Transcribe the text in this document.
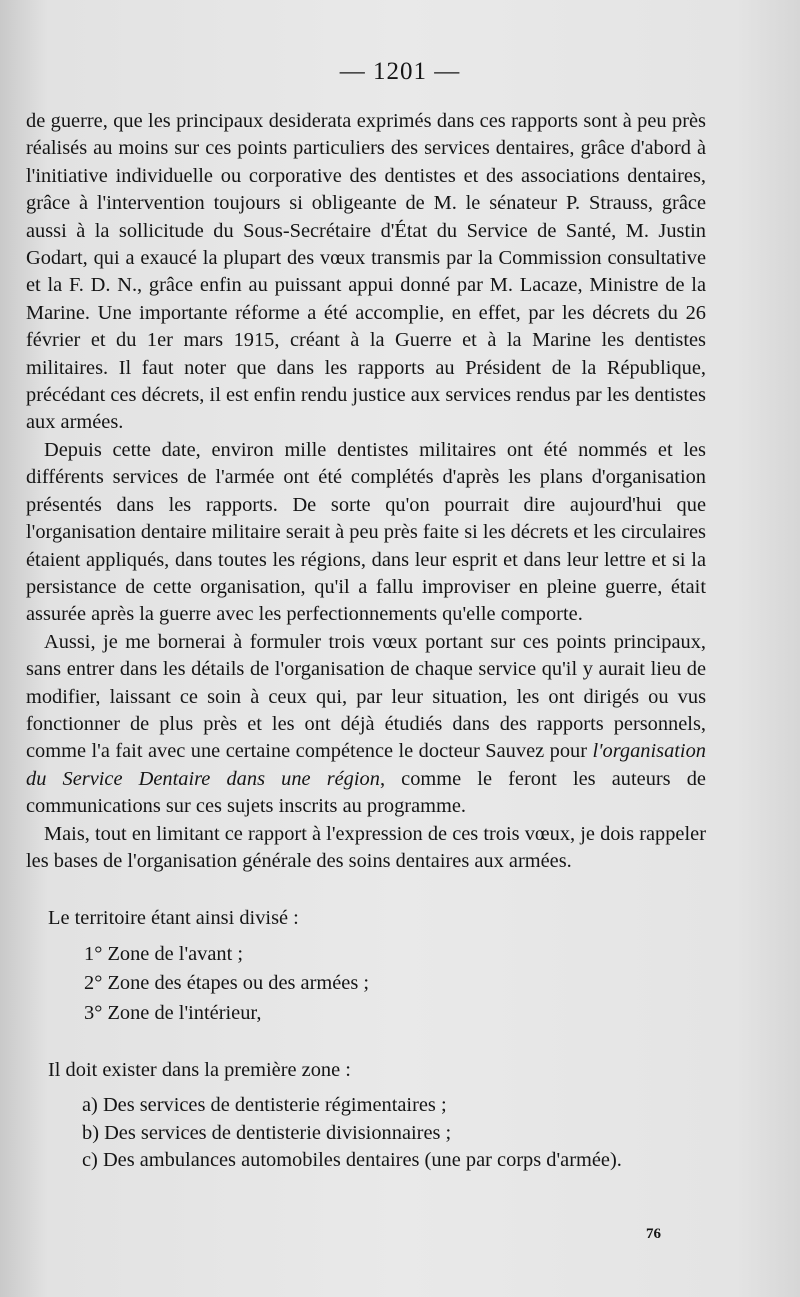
— 1201 —

de guerre, que les principaux desiderata exprimés dans ces rapports sont à peu près réalisés au moins sur ces points particuliers des services dentaires, grâce d'abord à l'initiative individuelle ou corporative des dentistes et des associations dentaires, grâce à l'intervention toujours si obligeante de M. le sénateur P. Strauss, grâce aussi à la sollicitude du Sous-Secrétaire d'État du Service de Santé, M. Justin Godart, qui a exaucé la plupart des vœux transmis par la Commission consultative et la F. D. N., grâce enfin au puissant appui donné par M. Lacaze, Ministre de la Marine. Une importante réforme a été accomplie, en effet, par les décrets du 26 février et du 1er mars 1915, créant à la Guerre et à la Marine les dentistes militaires. Il faut noter que dans les rapports au Président de la République, précédant ces décrets, il est enfin rendu justice aux services rendus par les dentistes aux armées.

Depuis cette date, environ mille dentistes militaires ont été nommés et les différents services de l'armée ont été complétés d'après les plans d'organisation présentés dans les rapports. De sorte qu'on pourrait dire aujourd'hui que l'organisation dentaire militaire serait à peu près faite si les décrets et les circulaires étaient appliqués, dans toutes les régions, dans leur esprit et dans leur lettre et si la persistance de cette organisation, qu'il a fallu improviser en pleine guerre, était assurée après la guerre avec les perfectionnements qu'elle comporte.

Aussi, je me bornerai à formuler trois vœux portant sur ces points principaux, sans entrer dans les détails de l'organisation de chaque service qu'il y aurait lieu de modifier, laissant ce soin à ceux qui, par leur situation, les ont dirigés ou vus fonctionner de plus près et les ont déjà étudiés dans des rapports personnels, comme l'a fait avec une certaine compétence le docteur Sauvez pour l'organisation du Service Dentaire dans une région, comme le feront les auteurs de communications sur ces sujets inscrits au programme.

Mais, tout en limitant ce rapport à l'expression de ces trois vœux, je dois rappeler les bases de l'organisation générale des soins dentaires aux armées.

Le territoire étant ainsi divisé :

1° Zone de l'avant ;

2° Zone des étapes ou des armées ;

3° Zone de l'intérieur,

Il doit exister dans la première zone :

a) Des services de dentisterie régimentaires ;

b) Des services de dentisterie divisionnaires ;

c) Des ambulances automobiles dentaires (une par corps d'armée).

76
